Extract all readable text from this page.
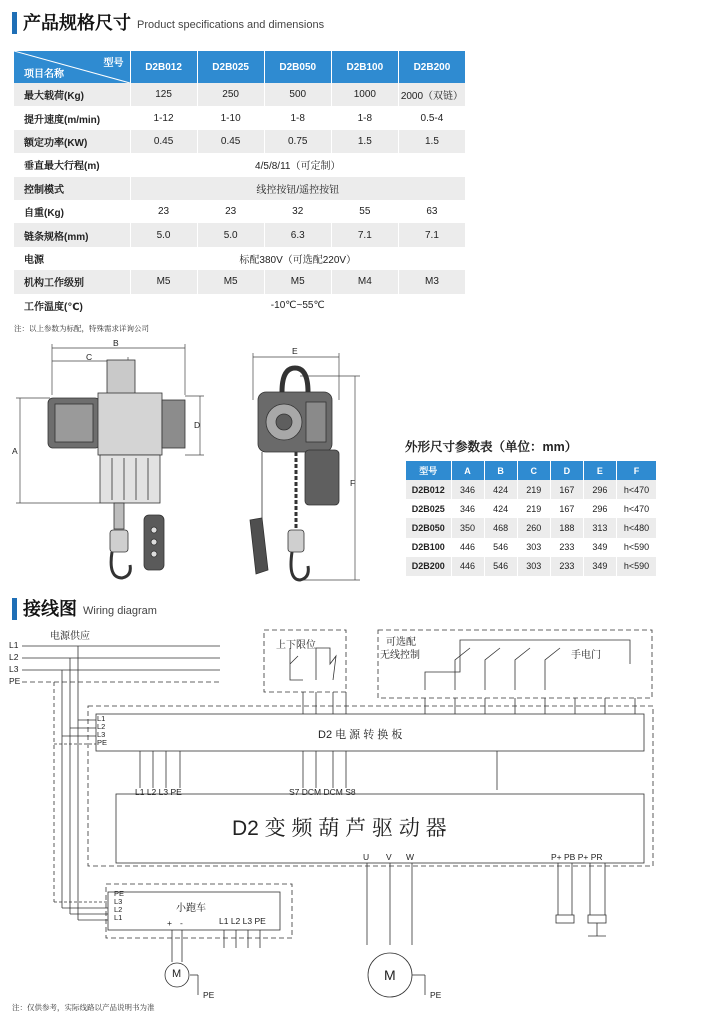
产品规格尺寸 Product specifications and dimensions
型号
项目名称	D2B012	D2B025	D2B050	D2B100	D2B200
最大载荷(Kg)	125	250	500	1000	2000（双链）
提升速度(m/min)	1-12	1-10	1-8	1-8	0.5-4
额定功率(KW)	0.45	0.45	0.75	1.5	1.5
垂直最大行程(m)	4/5/8/11（可定制）				
控制模式	线控按钮/遥控按钮				
自重(Kg)	23	23	32	55	63
链条规格(mm)	5.0	5.0	6.3	7.1	7.1
电源	标配380V（可选配220V）				
机构工作级别	M5	M5	M5	M4	M3
工作温度(℃)	-10℃~55℃				
注：以上参数为标配，特殊需求详询公司
B
C
A
D
E
F
外形尺寸参数表（单位：mm）
型号	A	B	C	D	E	F
D2B012	346	424	219	167	296	h<470
D2B025	346	424	219	167	296	h<470
D2B050	350	468	260	188	313	h<480
D2B100	446	546	303	233	349	h<590
D2B200	446	546	303	233	349	h<590
接线图 Wiring diagram
电源供应
L1
L2
L3
PE
上下限位	可选配
无线控制	手电门
L1
L2
L3
PE
D2 电 源 转 换 板
L1 L2 L3 PE	S7 DCM DCM S8
D2 变 频 葫 芦 驱 动 器
U V W	P+ PB P+ PR
PE
L3
L2
L1
小跑车
L1 L2 L3 PE
+ -
M
PE
M
PE
注：仅供参考，实际线路以产品说明书为准
